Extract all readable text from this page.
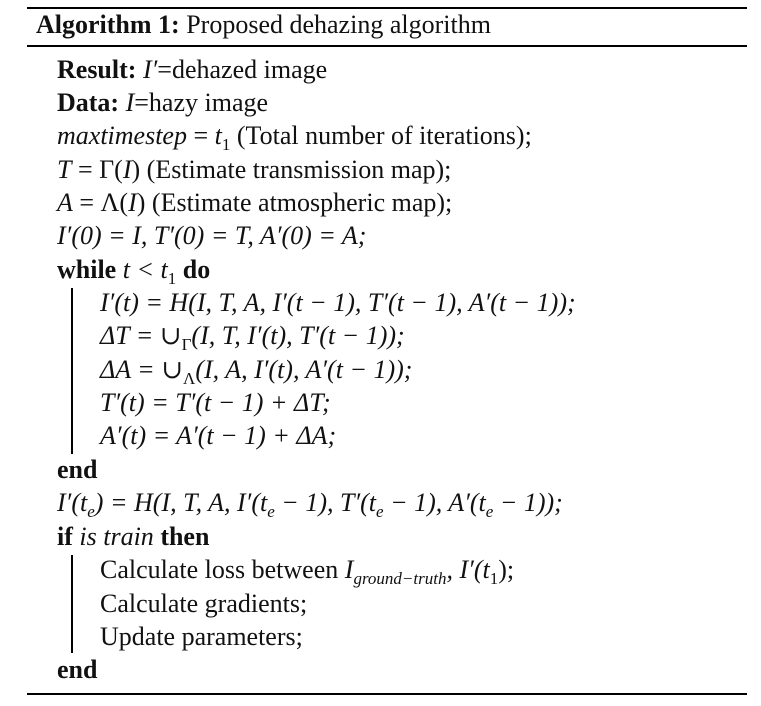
Algorithm 1: Proposed dehazing algorithm
Result: I′=dehazed image
Data: I=hazy image
maxtimestep = $t_1$ (Total number of iterations);
T = Γ(I) (Estimate transmission map);
A = Λ(I) (Estimate atmospheric map);
I′(0) = I, T′(0) = T, A′(0) = A;
while $t < t_1$ do
I′(t) = H(I, T, A, I′(t − 1), T′(t − 1), A′(t − 1));
$\Delta T = \cup_\Gamma(I$, T, I′(t), T′(t − 1));
$\Delta A = \cup_\Lambda(I$, A, I′(t), A′(t − 1));
T′(t) = T′(t − 1) + ΔT;
A′(t) = A′(t − 1) + ΔA;
end
$I'(t_e) = H(I$, T, A, $I'(t_e - 1)$, $T'(t_e - 1)$, $A'(t_e - 1)$);
if is train then
Calculate loss between $I_{ground-truth}$, $I'(t_1)$;
Calculate gradients;
Update parameters;
end
